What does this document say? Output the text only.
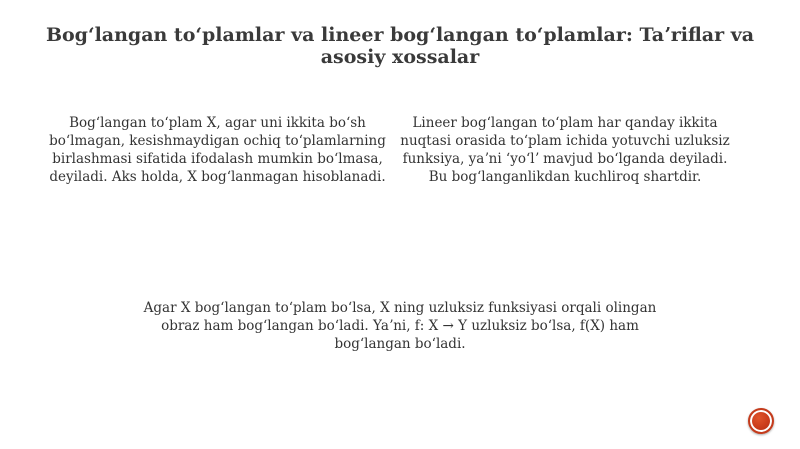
Bogʻlangan toʻplamlar va lineer bogʻlangan toʻplamlar: Taʼriflar va asosiy xossalar

Bogʻlangan toʻplam X, agar uni ikkita boʻsh boʻlmagan, kesishmaydigan ochiq toʻplamlarning birlashmasi sifatida ifodalash mumkin boʻlmasa, deyiladi. Aks holda, X bogʻlanmagan hisoblanadi.

Lineer bogʻlangan toʻplam har qanday ikkita nuqtasi orasida toʻplam ichida yotuvchi uzluksiz funksiya, yaʼni ʻyoʻlʼ mavjud boʻlganda deyiladi. Bu bogʻlanganlikdan kuchliroq shartdir.

Agar X bogʻlangan toʻplam boʻlsa, X ning uzluksiz funksiyasi orqali olingan obraz ham bogʻlangan boʻladi. Yaʼni, f: X → Y uzluksiz boʻlsa, f(X) ham bogʻlangan boʻladi.
